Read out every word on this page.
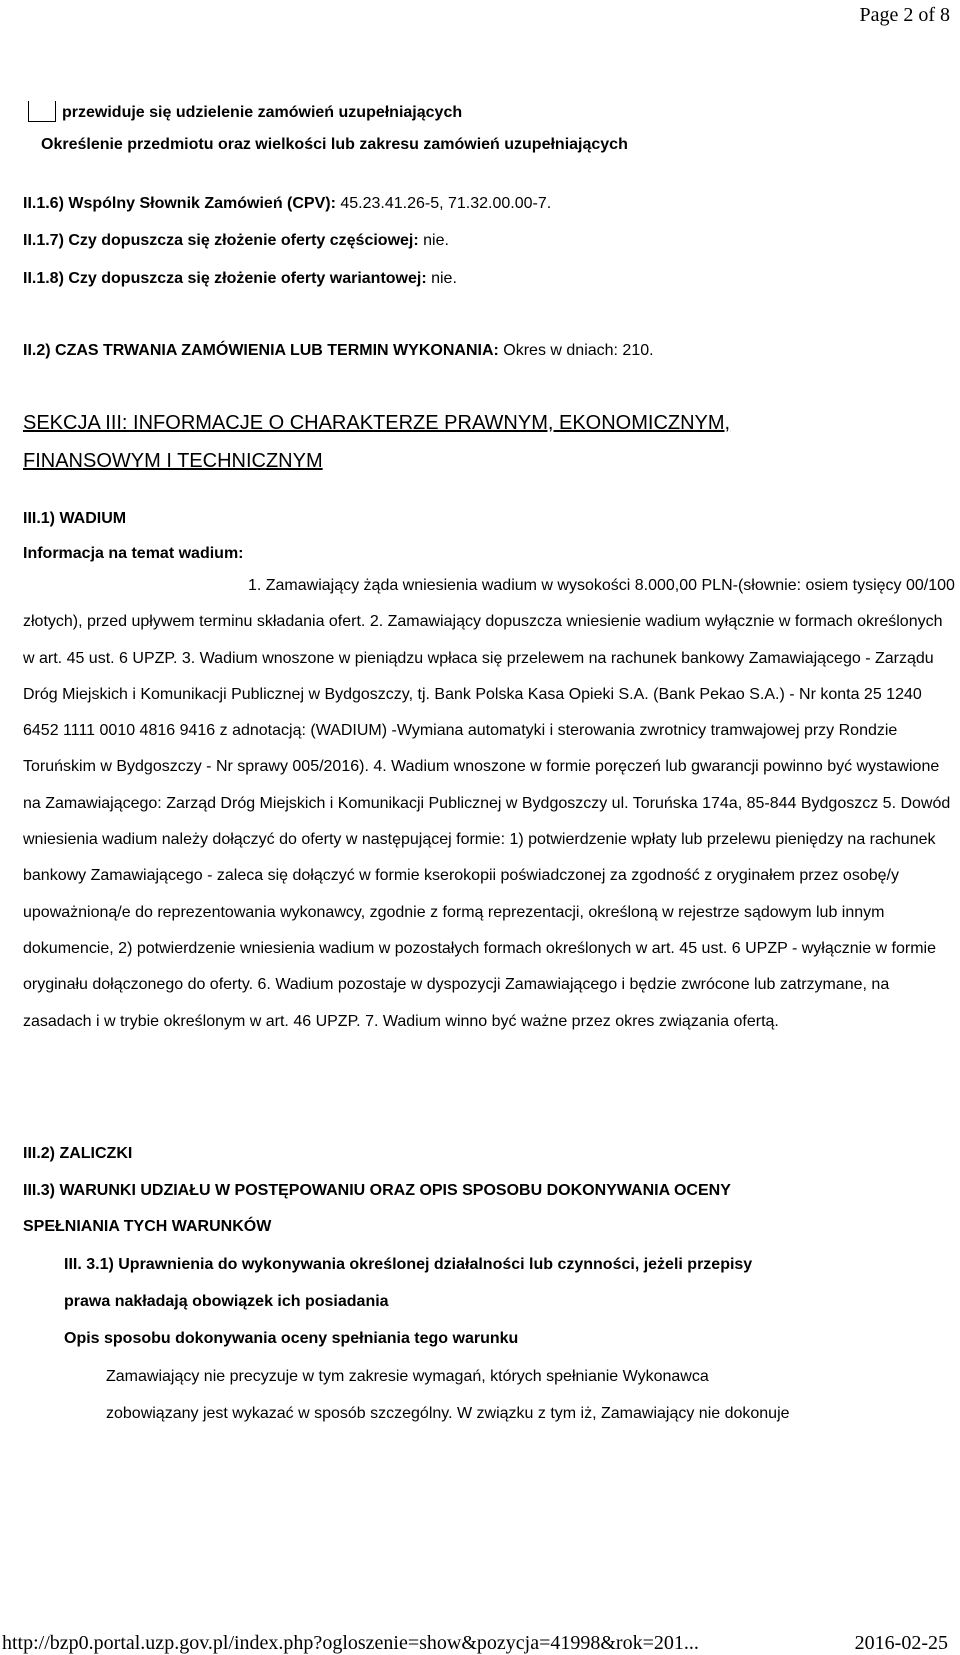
Page 2 of 8
przewiduje się udzielenie zamówień uzupełniających
Określenie przedmiotu oraz wielkości lub zakresu zamówień uzupełniających
II.1.6) Wspólny Słownik Zamówień (CPV): 45.23.41.26-5, 71.32.00.00-7.
II.1.7) Czy dopuszcza się złożenie oferty częściowej: nie.
II.1.8) Czy dopuszcza się złożenie oferty wariantowej: nie.
II.2) CZAS TRWANIA ZAMÓWIENIA LUB TERMIN WYKONANIA: Okres w dniach: 210.
SEKCJA III: INFORMACJE O CHARAKTERZE PRAWNYM, EKONOMICZNYM,
FINANSOWYM I TECHNICZNYM
III.1) WADIUM
Informacja na temat wadium:

1. Zamawiający żąda wniesienia wadium w wysokości 8.000,00 PLN-(słownie: osiem tysięcy 00/100 złotych), przed upływem terminu składania ofert. 2. Zamawiający dopuszcza wniesienie wadium wyłącznie w formach określonych w art. 45 ust. 6 UPZP. 3. Wadium wnoszone w pieniądzu wpłaca się przelewem na rachunek bankowy Zamawiającego - Zarządu Dróg Miejskich i Komunikacji Publicznej w Bydgoszczy, tj. Bank Polska Kasa Opieki S.A. (Bank Pekao S.A.) - Nr konta 25 1240 6452 1111 0010 4816 9416 z adnotacją: (WADIUM) -Wymiana automatyki i sterowania zwrotnicy tramwajowej przy Rondzie Toruńskim w Bydgoszczy - Nr sprawy 005/2016). 4. Wadium wnoszone w formie poręczeń lub gwarancji powinno być wystawione na Zamawiającego: Zarząd Dróg Miejskich i Komunikacji Publicznej w Bydgoszczy ul. Toruńska 174a, 85-844 Bydgoszcz 5. Dowód wniesienia wadium należy dołączyć do oferty w następującej formie: 1) potwierdzenie wpłaty lub przelewu pieniędzy na rachunek bankowy Zamawiającego - zaleca się dołączyć w formie kserokopii poświadczonej za zgodność z oryginałem przez osobę/y upoważnioną/e do reprezentowania wykonawcy, zgodnie z formą reprezentacji, określoną w rejestrze sądowym lub innym dokumencie, 2) potwierdzenie wniesienia wadium w pozostałych formach określonych w art. 45 ust. 6 UPZP - wyłącznie w formie oryginału dołączonego do oferty. 6. Wadium pozostaje w dyspozycji Zamawiającego i będzie zwrócone lub zatrzymane, na zasadach i w trybie określonym w art. 46 UPZP. 7. Wadium winno być ważne przez okres związania ofertą.

III.2) ZALICZKI
III.3) WARUNKI UDZIAŁU W POSTĘPOWANIU ORAZ OPIS SPOSOBU DOKONYWANIA OCENY
SPEŁNIANIA TYCH WARUNKÓW
III. 3.1) Uprawnienia do wykonywania określonej działalności lub czynności, jeżeli przepisy
prawa nakładają obowiązek ich posiadania
Opis sposobu dokonywania oceny spełniania tego warunku
Zamawiający nie precyzuje w tym zakresie wymagań, których spełnianie Wykonawca
zobowiązany jest wykazać w sposób szczególny. W związku z tym iż, Zamawiający nie dokonuje
http://bzp0.portal.uzp.gov.pl/index.php?ogloszenie=show&pozycja=41998&rok=201...	2016-02-25
